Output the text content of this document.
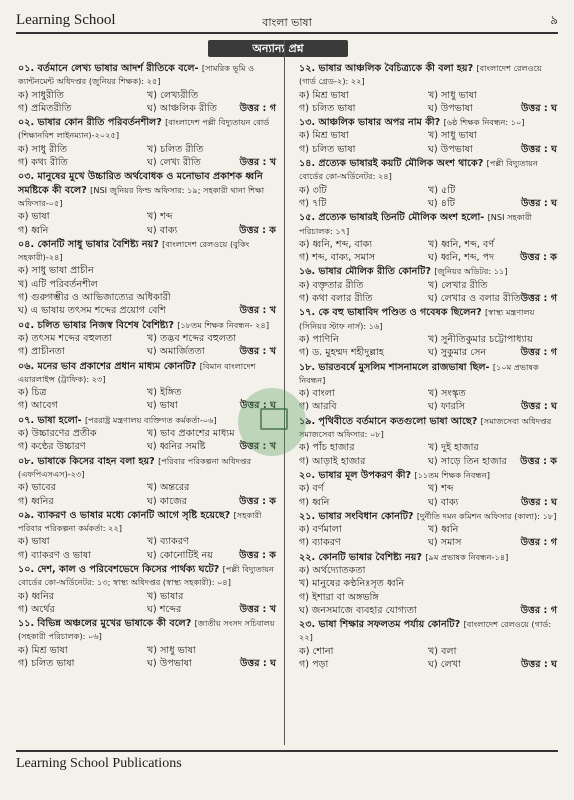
Learning School	বাংলা ভাষা	৯
অন্যান্য প্রশ্ন
০১. বর্তমানে লেখ্য ভাষার আদর্শ রীতিকে বলে- [সামরিক ভূমি ও ক্যান্টনমেন্ট অধিদপ্তর (জুনিয়র শিক্ষক): ২৫]
ক) সাধুরীতি	খ) লেখ্যরীতি
গ) প্রমিতরীতি	ঘ) আঞ্চলিক রীতি	উত্তর : গ
০২. ভাষার কোন রীতি পরিবর্তনশীল? [বাংলাদেশ পল্লী বিদ্যুতায়ন বোর্ড (শিক্ষানবিশ লাইনম্যান)-২০২৫]
ক) সাধু রীতি	খ) চলিত রীতি
গ) কথ্য রীতি	ঘ) লেখ্য রীতি	উত্তর : খ
০৩. মানুষের মুখে উচ্চারিত অর্থবোধক ও মনোভাব প্রকাশক ধ্বনি সমষ্টিকে কী বলে? [NSI জুনিয়র ফিল্ড অফিসার: ১৯; সহকারী থানা শিক্ষা অফিসার-০৫]
ক) ভাষা	খ) শব্দ
গ) ধ্বনি	ঘ) বাক্য	উত্তর : ক
০৪. কোনটি সাধু ভাষার বৈশিষ্ট্য নয়? [বাংলাদেশ রেলওয়ে (বুকিং সহকারী)-২৪]
ক) সাধু ভাষা প্রাচীন
খ) এটি পরিবর্তনশীল
গ) গুরুগম্ভীর ও আভিজাত্যের অধিকারী
ঘ) এ ভাষায় তৎসম শব্দের প্রয়োগ বেশি	উত্তর : খ
০৫. চলিত ভাষার নিজস্ব বিশেষ বৈশিষ্ট্য? [১৮তম শিক্ষক নিবন্ধন- ২৪]
ক) তৎসম শব্দের বহুলতা	খ) তদ্ভব শব্দের বহুলতা
গ) প্রাচীনতা	ঘ) অমার্জিততা	উত্তর : খ
০৬. মনের ভাব প্রকাশের প্রধান মাধ্যম কোনটি? [বিমান বাংলাদেশ এয়ারলাইন্স (ট্রাফিক): ২৩]
ক) চিত্র	খ) ইঙ্গিত
গ) আবেগ	ঘ) ভাষা	উত্তর : ঘ
০৭. ভাষা হলো- [পররাষ্ট্র মন্ত্রণালয় ব্যক্তিগত কর্মকর্তা-০৬]
ক) উচ্চারণের প্রতীক	খ) ভাব প্রকাশের মাধ্যম
গ) কণ্ঠের উচ্চারণ	ঘ) ধ্বনির সমষ্টি	উত্তর : খ
০৮. ভাষাকে কিসের বাহন বলা হয়? [পরিবার পরিকল্পনা অধিদপ্তর (এফপিএসএস)-২৩]
ক) ভাবের	খ) অন্তরের
গ) ধ্বনির	ঘ) কাজের	উত্তর : ক
০৯. ব্যাকরণ ও ভাষার মধ্যে কোনটি আগে সৃষ্টি হয়েছে? [সহকারী পরিবার পরিকল্পনা কর্মকর্তা: ২২]
ক) ভাষা	খ) ব্যাকরণ
গ) ব্যাকরণ ও ভাষা	ঘ) কোনোটিই নয়	উত্তর : ক
১০. দেশ, কাল ও পরিবেশভেদে কিসের পার্থক্য ঘটে? [পল্লী বিদ্যুতায়ন বোর্ডের কো-অর্ডিনেটর: ১৩; স্বাস্থ্য অধিদপ্তর (স্বাস্থ্য সহকারী): ০৪]
ক) ধ্বনির	খ) ভাষার
গ) অর্থের	ঘ) শব্দের	উত্তর : খ
১১. বিভিন্ন অঞ্চলের মুখের ভাষাকে কী বলে? [জাতীয় সংসদ সচিবালয় (সহকারী পরিচালক): ০৬]
ক) মিশ্র ভাষা	খ) সাধু ভাষা
গ) চলিত ভাষা	ঘ) উপভাষা	উত্তর : ঘ
১২. ভাষার আঞ্চলিক বৈচিত্র্যকে কী বলা হয়? [বাংলাদেশ রেলওয়ে (গার্ড গ্রেড-২): ২২]
ক) মিশ্র ভাষা	খ) সাধু ভাষা
গ) চলিত ভাষা	ঘ) উপভাষা	উত্তর : ঘ
১৩. আঞ্চলিক ভাষার অপর নাম কী? [৬ষ্ঠ শিক্ষক নিবন্ধন: ১০]
ক) মিশ্র ভাষা	খ) সাধু ভাষা
গ) চলিত ভাষা	ঘ) উপভাষা	উত্তর : ঘ
১৪. প্রত্যেক ভাষারই কয়টি মৌলিক অংশ থাকে? [পল্লী বিদ্যুতায়ন বোর্ডের কো-অর্ডিনেটর: ২৪]
ক) ৩টি	খ) ৫টি
গ) ৭টি	ঘ) ৪টি	উত্তর : ঘ
১৫. প্রত্যেক ভাষারই তিনটি মৌলিক অংশ হলো- [NSI সহকারী পরিচালক: ১৭]
ক) ধ্বনি, শব্দ, বাক্য	খ) ধ্বনি, শব্দ, বর্ণ
গ) শব্দ, বাক্য, সমাস	ঘ) ধ্বনি, শব্দ, পদ	উত্তর : ক
১৬. ভাষার মৌলিক রীতি কোনটি? [জুনিয়র অডিটর: ১১]
ক) বক্তৃতার রীতি	খ) লেখার রীতি
গ) কথা বলার রীতি	ঘ) লেখার ও বলার রীতি উত্তর : গ
১৭. কে বহু ভাষাবিদ পণ্ডিত ও গবেষক ছিলেন? [স্বাস্থ্য মন্ত্রণালয় (সিনিয়র স্টাফ নার্স): ১৬]
ক) পাণিনি	খ) সুনীতিকুমার চট্টোপাধ্যায়
গ) ড. মুহম্মদ শহীদুল্লাহ	ঘ) সুকুমার সেন	উত্তর : গ
১৮. ভারতবর্ষে মুসলিম শাসনামলে রাজভাষা ছিল- [১০ম প্রভাষক নিবন্ধন]
ক) বাংলা	খ) সংস্কৃত
গ) আরবি	ঘ) ফারসি	উত্তর : ঘ
১৯. পৃথিবীতে বর্তমানে কতগুলো ভাষা আছে? [সমাজসেবা অধিদপ্তর সমাজসেবা অফিসার: ০৮]
ক) পাঁচ হাজার	খ) দুই হাজার
গ) আড়াই হাজার	ঘ) সাড়ে তিন হাজার	উত্তর : ক
২০. ভাষার মূল উপকরণ কী? [১১তম শিক্ষক নিবন্ধন]
ক) বর্ণ	খ) শব্দ
গ) ধ্বনি	ঘ) বাক্য	উত্তর : ঘ
২১. ভাষার সংবিধান কোনটি? [দুর্নীতি দমন কমিশন অফিসার (কালা): ১৮]
ক) বর্ণমালা	খ) ধ্বনি
গ) ব্যাকরণ	ঘ) সমাস	উত্তর : গ
২২. কোনটি ভাষার বৈশিষ্ট্য নয়? [৯ম প্রভাষক নিবন্ধন-১৪]
ক) অর্থদ্যোতকতা
খ) মানুষের কণ্ঠনিঃসৃত ধ্বনি
গ) ইশারা বা অঙ্গভঙ্গি
ঘ) জনসমাজে ব্যবহার যোগ্যতা	উত্তর : গ
২৩. ভাষা শিক্ষার সফলতম পর্যায় কোনটি? [বাংলাদেশ রেলওয়ে (গার্ড: ২২]
ক) শোনা	খ) বলা
গ) পড়া	ঘ) লেখা	উত্তর : ঘ
Learning School Publications
